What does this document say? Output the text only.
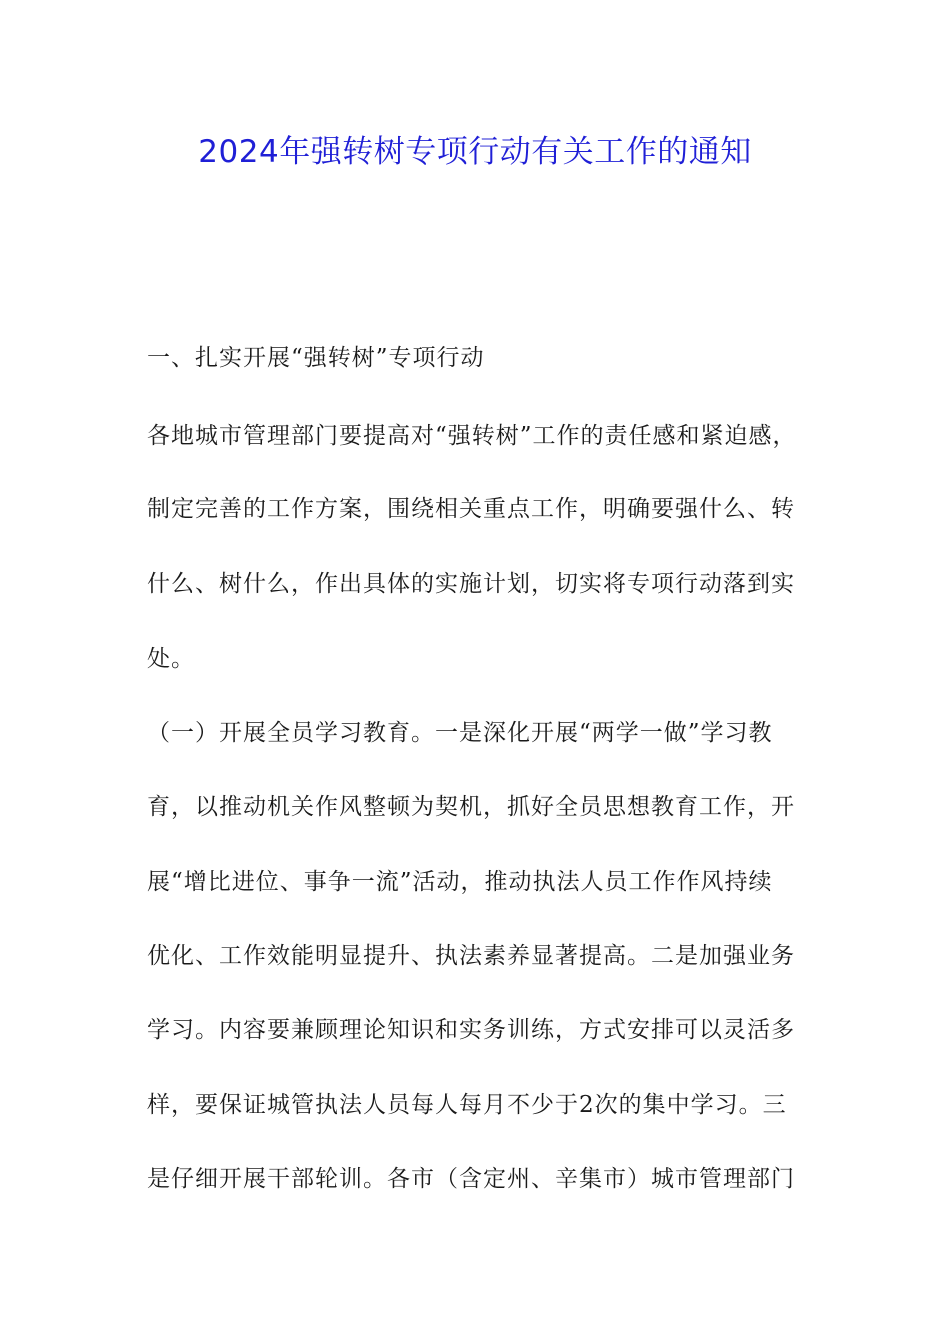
2024年强转树专项行动有关工作的通知
一、扎实开展“强转树”专项行动
各地城市管理部门要提高对“强转树”工作的责任感和紧迫感，
制定完善的工作方案，围绕相关重点工作，明确要强什么、转
什么、树什么，作出具体的实施计划，切实将专项行动落到实
处。
（一）开展全员学习教育。一是深化开展“两学一做”学习教
育，以推动机关作风整顿为契机，抓好全员思想教育工作，开
展“增比进位、事争一流”活动，推动执法人员工作作风持续
优化、工作效能明显提升、执法素养显著提高。二是加强业务
学习。内容要兼顾理论知识和实务训练，方式安排可以灵活多
样，要保证城管执法人员每人每月不少于2次的集中学习。三
是仔细开展干部轮训。各市（含定州、辛集市）城市管理部门
